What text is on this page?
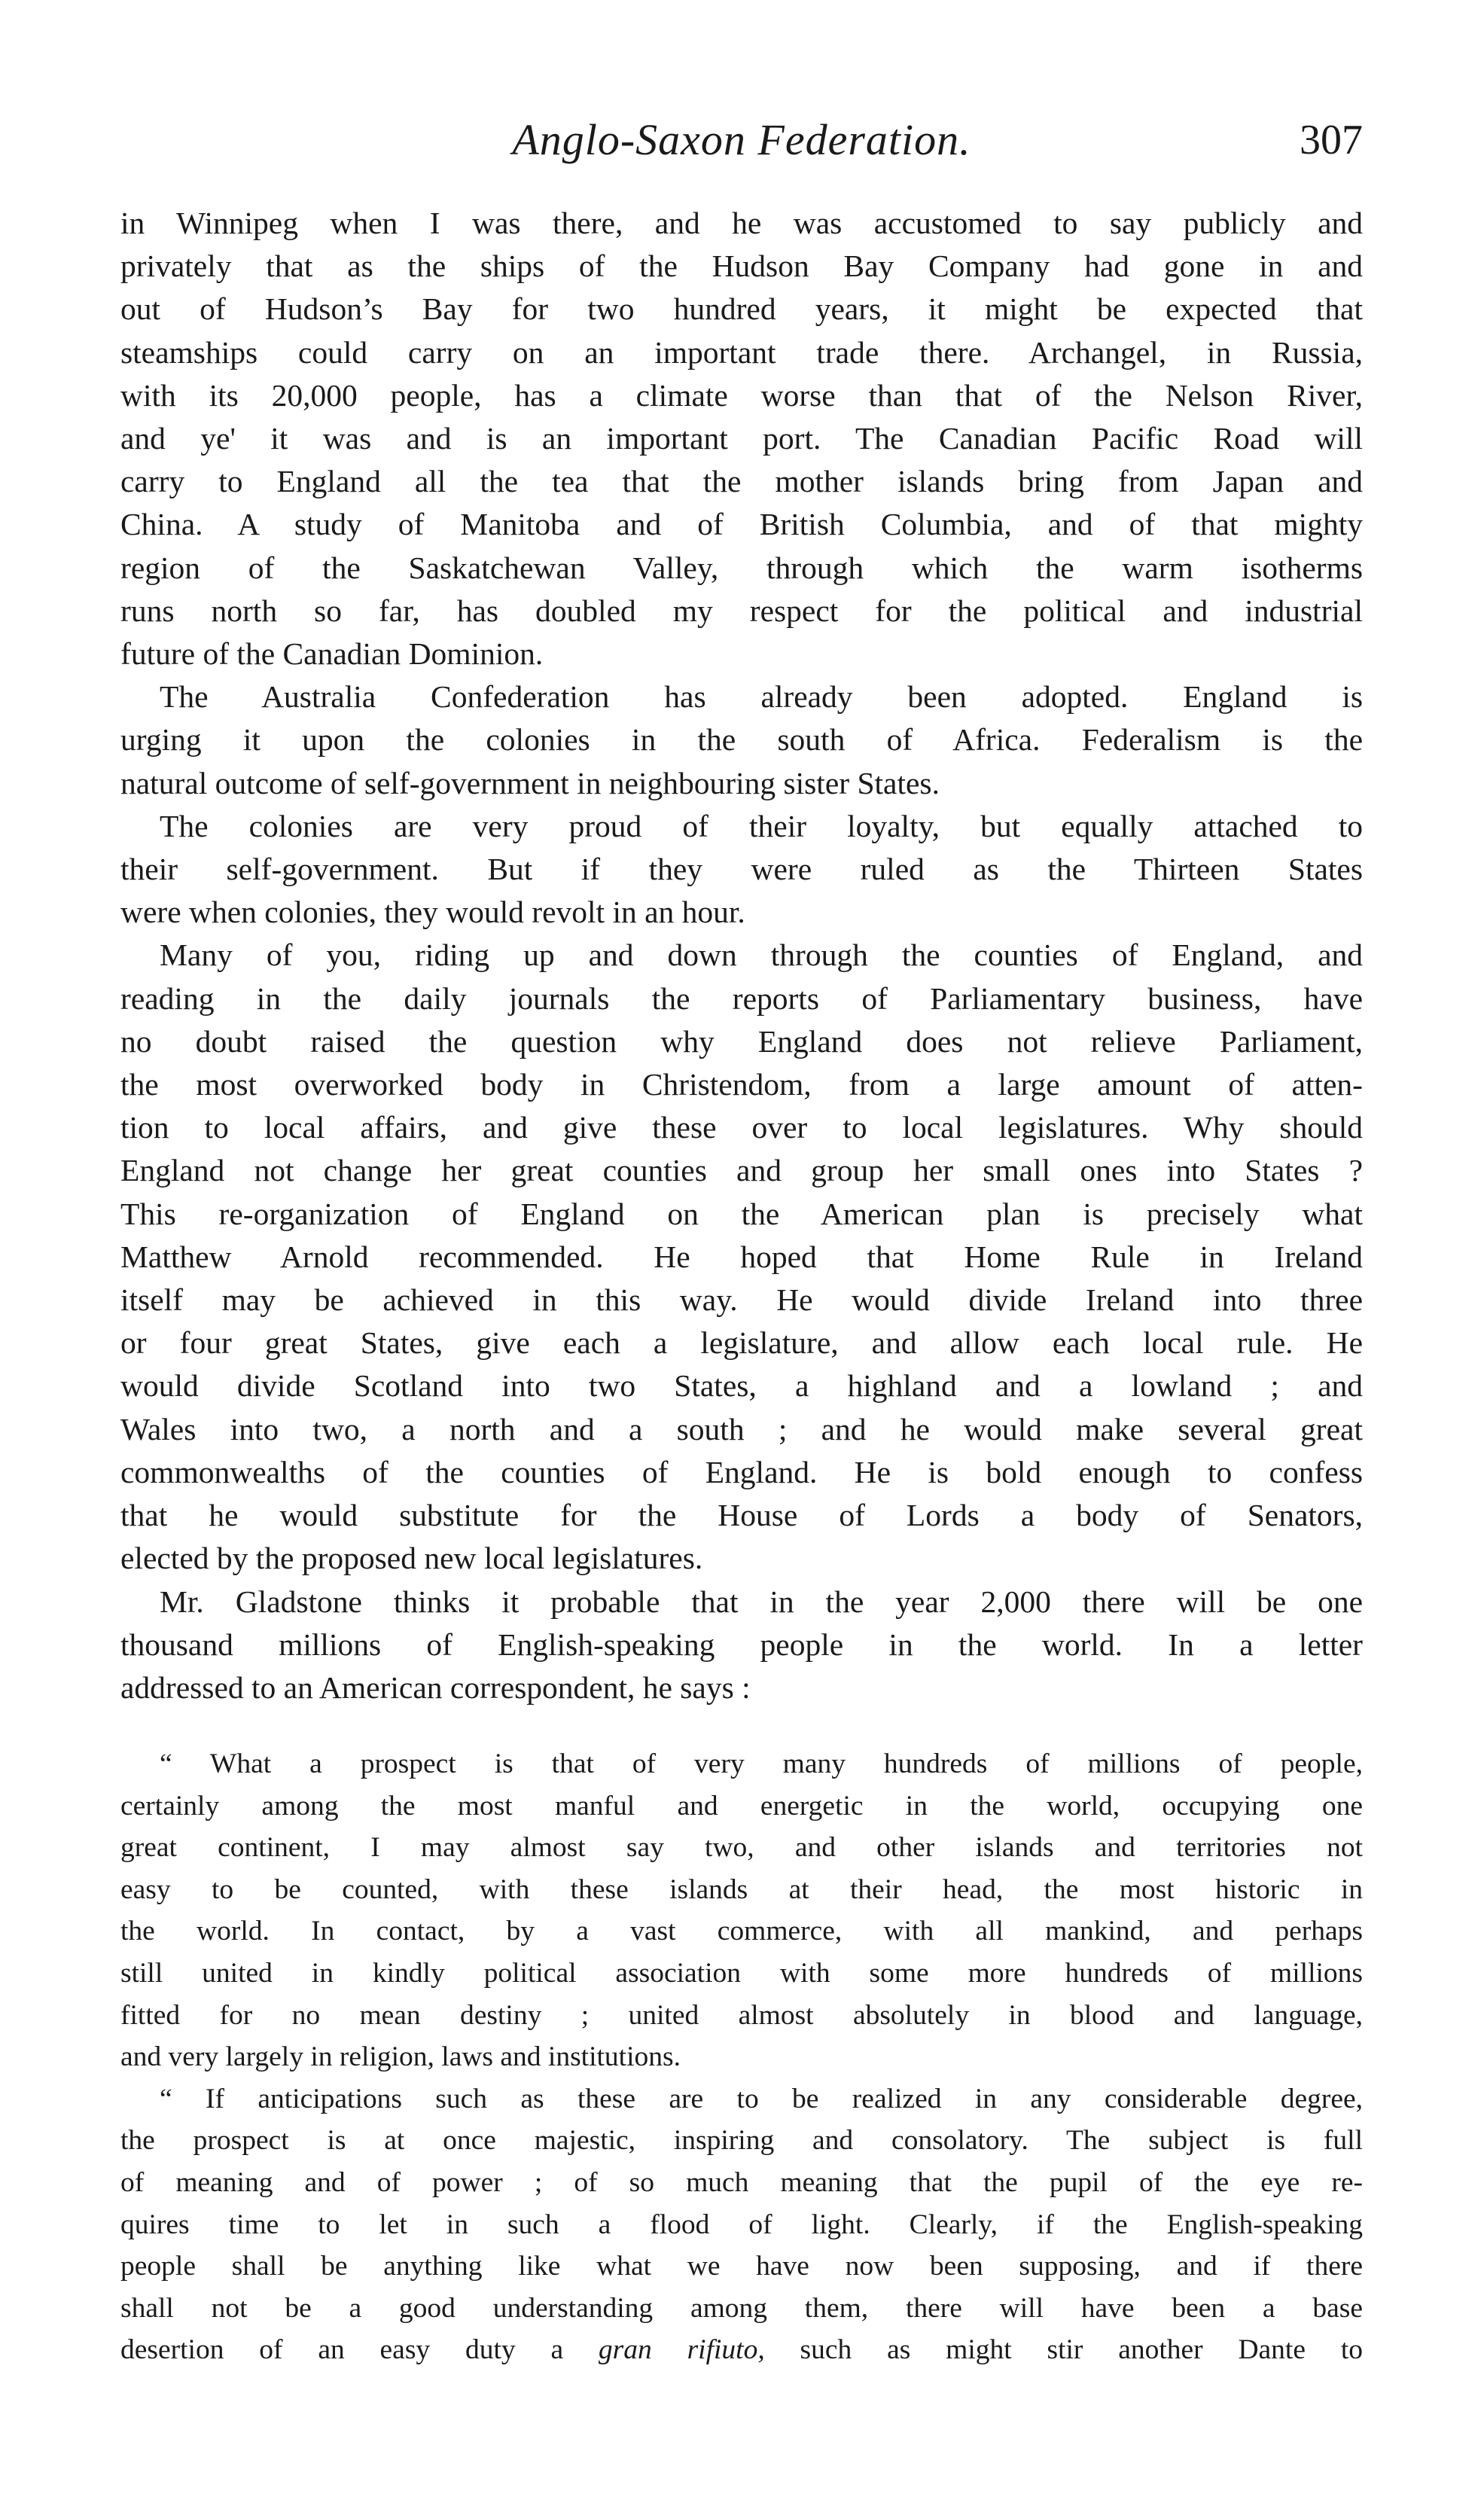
Anglo-Saxon Federation.	307

in Winnipeg when I was there, and he was accustomed to say publicly and
privately that as the ships of the Hudson Bay Company had gone in and
out of Hudson’s Bay for two hundred years, it might be expected that
steamships could carry on an important trade there. Archangel, in Russia,
with its 20,000 people, has a climate worse than that of the Nelson River,
and ye' it was and is an important port. The Canadian Pacific Road will
carry to England all the tea that the mother islands bring from Japan and
China. A study of Manitoba and of British Columbia, and of that mighty
region of the Saskatchewan Valley, through which the warm isotherms
runs north so far, has doubled my respect for the political and industrial
future of the Canadian Dominion.

The Australia Confederation has already been adopted. England is
urging it upon the colonies in the south of Africa. Federalism is the
natural outcome of self-government in neighbouring sister States.

The colonies are very proud of their loyalty, but equally attached to
their self-government. But if they were ruled as the Thirteen States
were when colonies, they would revolt in an hour.

Many of you, riding up and down through the counties of England, and
reading in the daily journals the reports of Parliamentary business, have
no doubt raised the question why England does not relieve Parliament,
the most overworked body in Christendom, from a large amount of atten-
tion to local affairs, and give these over to local legislatures. Why should
England not change her great counties and group her small ones into States ?
This re-organization of England on the American plan is precisely what
Matthew Arnold recommended. He hoped that Home Rule in Ireland
itself may be achieved in this way. He would divide Ireland into three
or four great States, give each a legislature, and allow each local rule. He
would divide Scotland into two States, a highland and a lowland ; and
Wales into two, a north and a south ; and he would make several great
commonwealths of the counties of England. He is bold enough to confess
that he would substitute for the House of Lords a body of Senators,
elected by the proposed new local legislatures.

Mr. Gladstone thinks it probable that in the year 2,000 there will be one
thousand millions of English-speaking people in the world. In a letter
addressed to an American correspondent, he says :

“ What a prospect is that of very many hundreds of millions of people,
certainly among the most manful and energetic in the world, occupying one
great continent, I may almost say two, and other islands and territories not
easy to be counted, with these islands at their head, the most historic in
the world. In contact, by a vast commerce, with all mankind, and perhaps
still united in kindly political association with some more hundreds of millions
fitted for no mean destiny ; united almost absolutely in blood and language,
and very largely in religion, laws and institutions.

“ If anticipations such as these are to be realized in any considerable degree,
the prospect is at once majestic, inspiring and consolatory. The subject is full
of meaning and of power ; of so much meaning that the pupil of the eye re-
quires time to let in such a flood of light. Clearly, if the English-speaking
people shall be anything like what we have now been supposing, and if there
shall not be a good understanding among them, there will have been a base
desertion of an easy duty a gran rifiuto, such as might stir another Dante to
